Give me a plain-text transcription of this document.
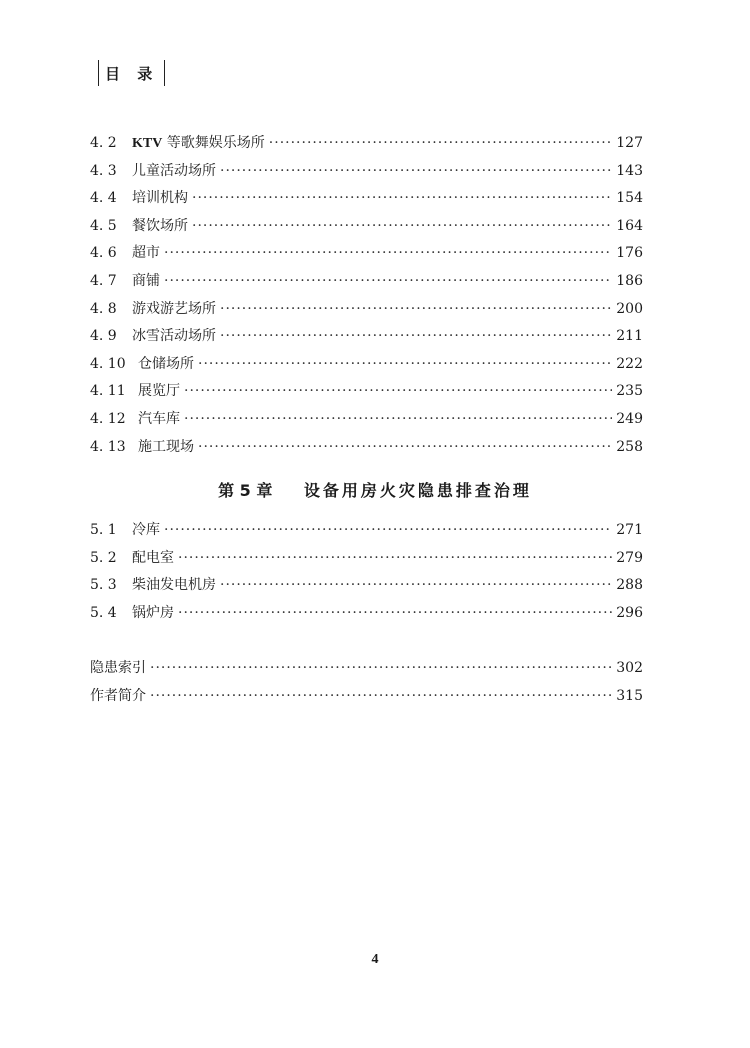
目 录
4. 2	KTV 等歌舞娱乐场所 ·····	127
4. 3	儿童活动场所 ·····	143
4. 4	培训机构 ·····	154
4. 5	餐饮场所 ·····	164
4. 6	超市 ·····	176
4. 7	商铺 ·····	186
4. 8	游戏游艺场所 ·····	200
4. 9	冰雪活动场所 ·····	211
4. 10 仓储场所 ·····	222
4. 11 展览厅 ·····	235
4. 12 汽车库 ·····	249
4. 13 施工现场 ·····	258
第 5 章 设备用房火灾隐患排查治理
5. 1	冷库 ·····	271
5. 2	配电室 ·····	279
5. 3	柴油发电机房 ·····	288
5. 4	锅炉房 ·····	296
隐患索引 ·····	302
作者简介 ·····	315
4
